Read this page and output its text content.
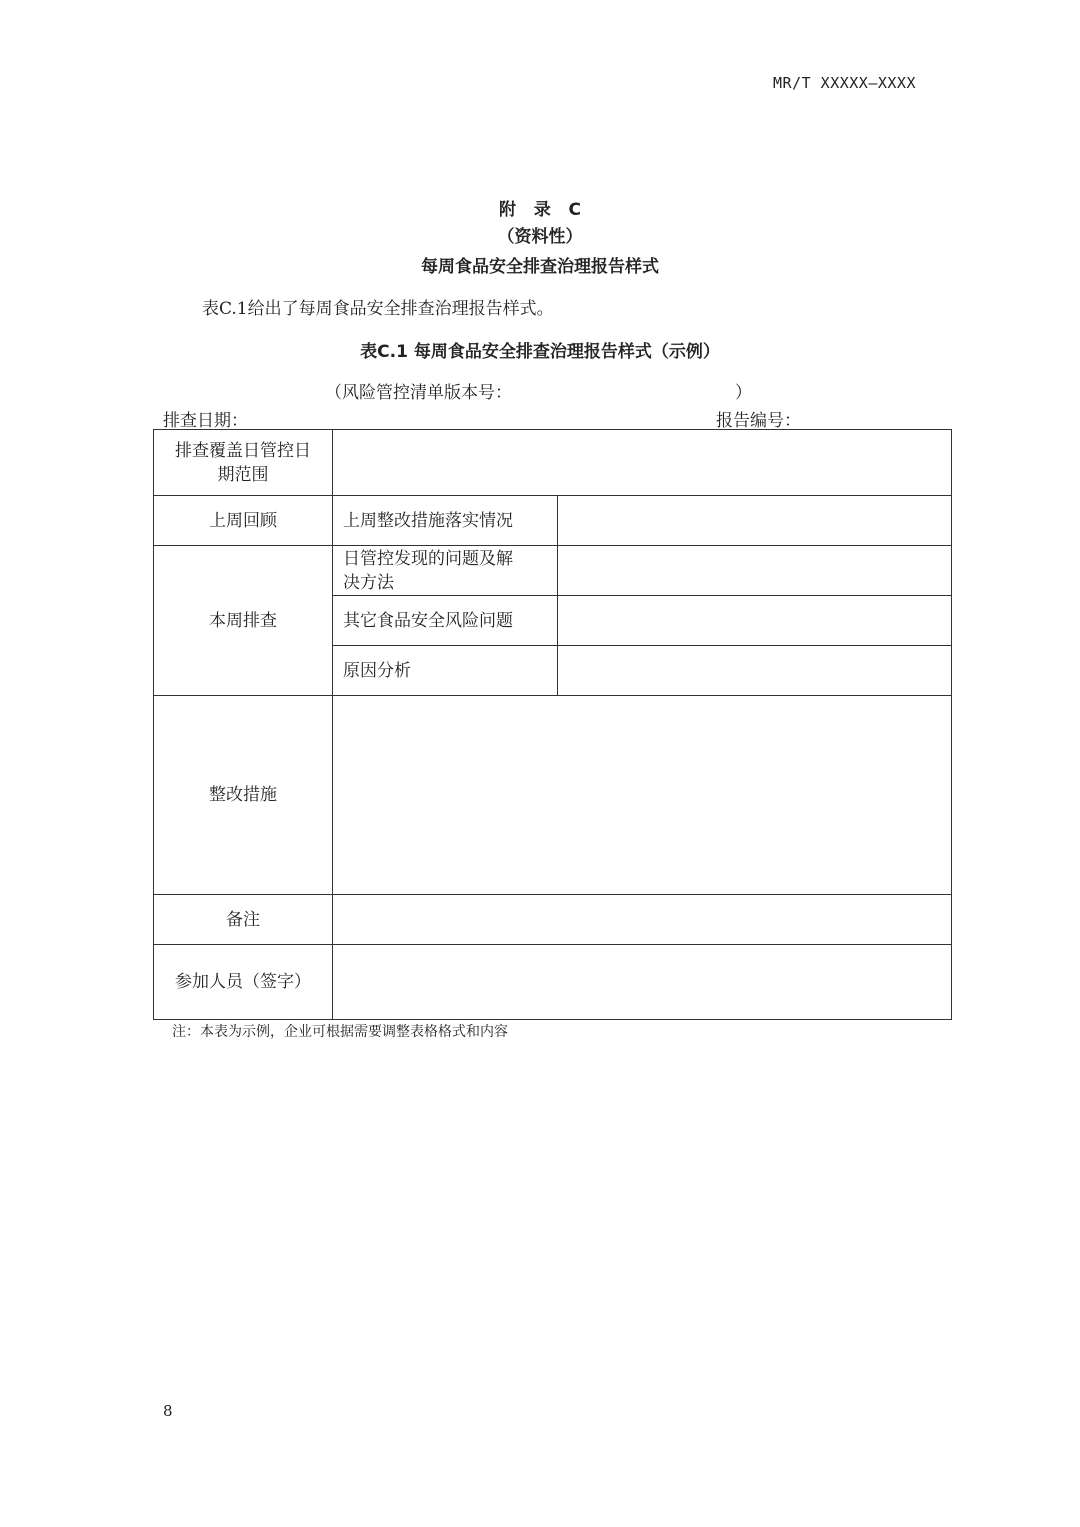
MR/T XXXXX—XXXX
附 录 C
（资料性）
每周食品安全排查治理报告样式
表C.1给出了每周食品安全排查治理报告样式。
表C.1 每周食品安全排查治理报告样式（示例）
（风险管控清单版本号：	）
排查日期：	报告编号：
排查覆盖日管控日期范围		

上周回顾	上周整改措施落实情况	
本周排查	日管控发现的问题及解决方法	

	其它食品安全风险问题	
	原因分析	
整改措施		
备注		
参加人员（签字）		
注：本表为示例，企业可根据需要调整表格格式和内容
8
